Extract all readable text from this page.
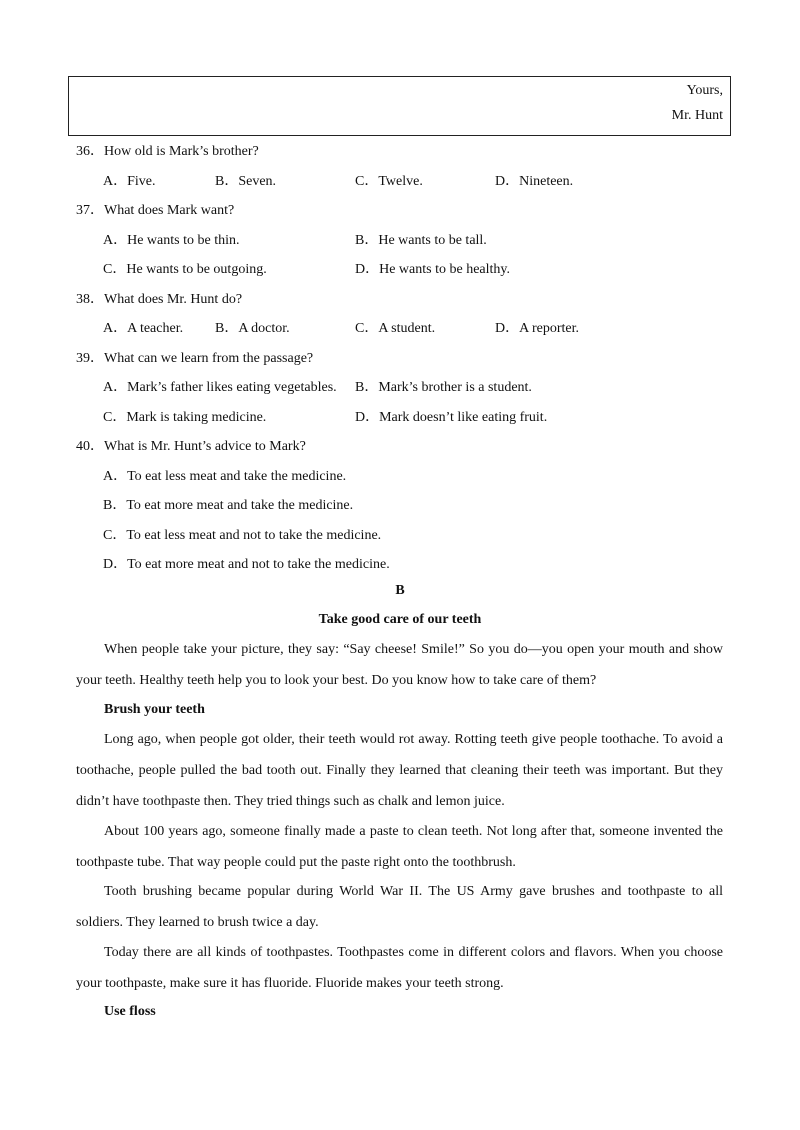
Yours,
Mr. Hunt
36．How old is Mark’s brother?
A．Five.	B．Seven.	C．Twelve.	D．Nineteen.
37．What does Mark want?
A．He wants to be thin.	B．He wants to be tall.
C．He wants to be outgoing.	D．He wants to be healthy.
38．What does Mr. Hunt do?
A．A teacher. B．A doctor.	C．A student.	D．A reporter.
39．What can we learn from the passage?
A．Mark’s father likes eating vegetables. B．Mark’s brother is a student.
C．Mark is taking medicine.	D．Mark doesn’t like eating fruit.
40．What is Mr. Hunt’s advice to Mark?
A．To eat less meat and take the medicine.
B．To eat more meat and take the medicine.
C．To eat less meat and not to take the medicine.
D．To eat more meat and not to take the medicine.
B
Take good care of our teeth
When people take your picture, they say: “Say cheese! Smile!” So you do—you open your mouth and show your teeth. Healthy teeth help you to look your best. Do you know how to take care of them?
Brush your teeth
Long ago, when people got older, their teeth would rot away. Rotting teeth give people toothache. To avoid a toothache, people pulled the bad tooth out. Finally they learned that cleaning their teeth was important. But they didn’t have toothpaste then. They tried things such as chalk and lemon juice.
About 100 years ago, someone finally made a paste to clean teeth. Not long after that, someone invented the toothpaste tube. That way people could put the paste right onto the toothbrush.
Tooth brushing became popular during World War II. The US Army gave brushes and toothpaste to all soldiers. They learned to brush twice a day.
Today there are all kinds of toothpastes. Toothpastes come in different colors and flavors. When you choose your toothpaste, make sure it has fluoride. Fluoride makes your teeth strong.
Use floss
